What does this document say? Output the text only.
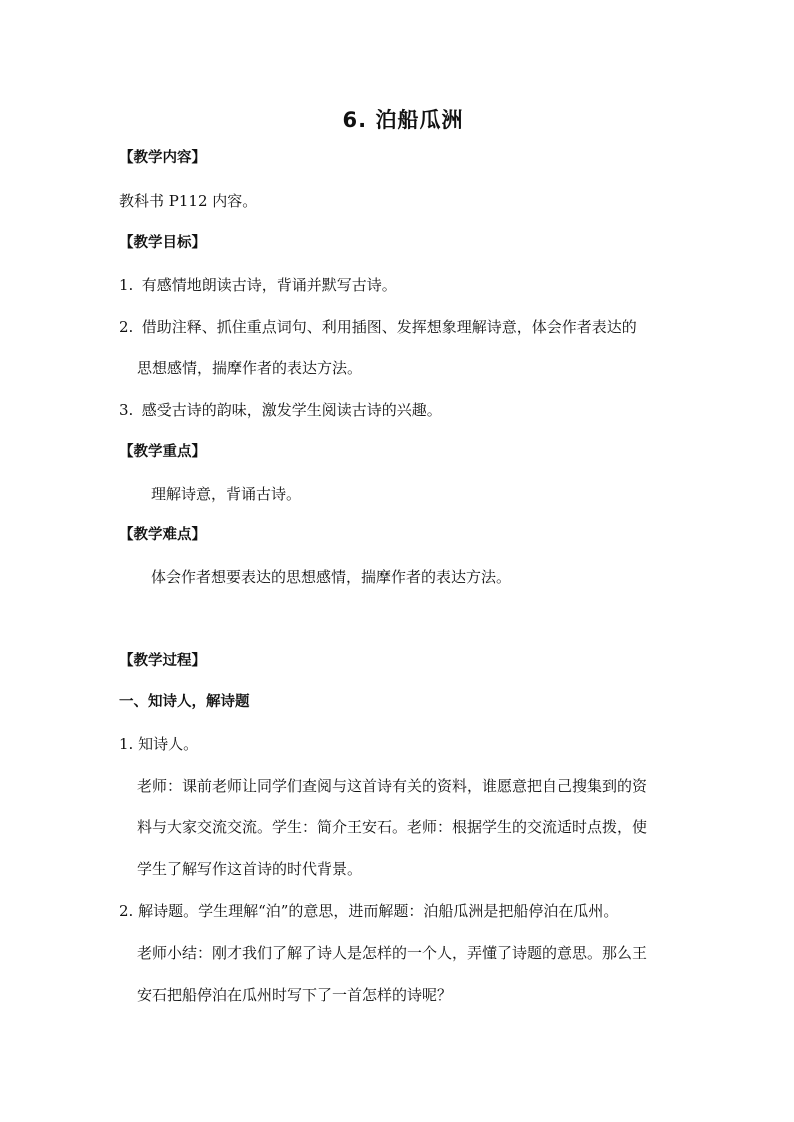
6. 泊船瓜洲
【教学内容】
教科书 P112 内容。
【教学目标】
1. 有感情地朗读古诗，背诵并默写古诗。
2. 借助注释、抓住重点词句、利用插图、发挥想象理解诗意，体会作者表达的
思想感情，揣摩作者的表达方法。
3. 感受古诗的韵味，激发学生阅读古诗的兴趣。
【教学重点】
理解诗意，背诵古诗。
【教学难点】
体会作者想要表达的思想感情，揣摩作者的表达方法。
【教学过程】
一、知诗人，解诗题
1. 知诗人。
老师：课前老师让同学们查阅与这首诗有关的资料，谁愿意把自己搜集到的资
料与大家交流交流。学生：简介王安石。老师：根据学生的交流适时点拨，使
学生了解写作这首诗的时代背景。
2. 解诗题。学生理解“泊”的意思，进而解题：泊船瓜洲是把船停泊在瓜州。
老师小结：刚才我们了解了诗人是怎样的一个人，弄懂了诗题的意思。那么王
安石把船停泊在瓜州时写下了一首怎样的诗呢？
